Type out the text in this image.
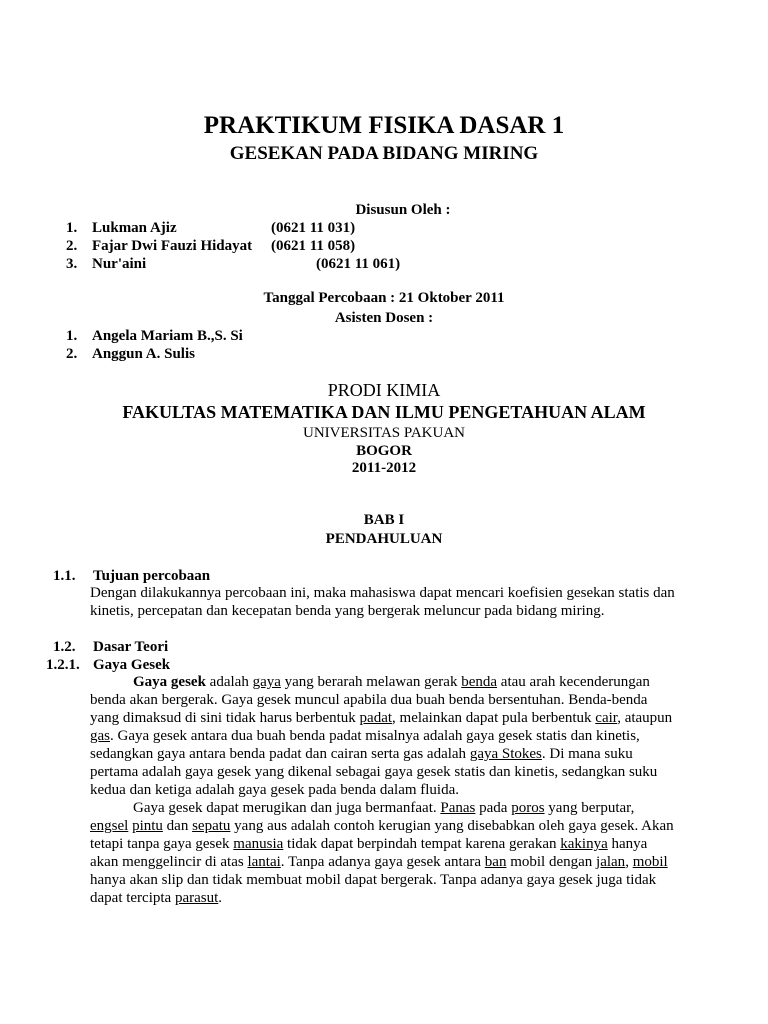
PRAKTIKUM FISIKA DASAR 1
GESEKAN PADA BIDANG MIRING
Disusun Oleh :
1. Lukman Ajiz	(0621 11 031)
2. Fajar Dwi Fauzi Hidayat (0621 11 058)
3. Nur'aini	(0621 11 061)
Tanggal Percobaan : 21 Oktober 2011
Asisten Dosen :
1. Angela Mariam B.,S. Si
2. Anggun A. Sulis
PRODI KIMIA
FAKULTAS MATEMATIKA DAN ILMU PENGETAHUAN ALAM
UNIVERSITAS PAKUAN
BOGOR
2011-2012
BAB I
PENDAHULUAN
1.1. Tujuan percobaan
Dengan dilakukannya percobaan ini, maka mahasiswa dapat mencari koefisien gesekan statis dan
kinetis, percepatan dan kecepatan benda yang bergerak meluncur pada bidang miring.
1.2. Dasar Teori
1.2.1. Gaya Gesek
Gaya gesek adalah gaya yang berarah melawan gerak benda atau arah kecenderungan
benda akan bergerak. Gaya gesek muncul apabila dua buah benda bersentuhan. Benda-benda
yang dimaksud di sini tidak harus berbentuk padat, melainkan dapat pula berbentuk cair, ataupun
gas. Gaya gesek antara dua buah benda padat misalnya adalah gaya gesek statis dan kinetis,
sedangkan gaya antara benda padat dan cairan serta gas adalah gaya Stokes. Di mana suku
pertama adalah gaya gesek yang dikenal sebagai gaya gesek statis dan kinetis, sedangkan suku
kedua dan ketiga adalah gaya gesek pada benda dalam fluida.
Gaya gesek dapat merugikan dan juga bermanfaat. Panas pada poros yang berputar,
engsel pintu dan sepatu yang aus adalah contoh kerugian yang disebabkan oleh gaya gesek. Akan
tetapi tanpa gaya gesek manusia tidak dapat berpindah tempat karena gerakan kakinya hanya
akan menggelincir di atas lantai. Tanpa adanya gaya gesek antara ban mobil dengan jalan, mobil
hanya akan slip dan tidak membuat mobil dapat bergerak. Tanpa adanya gaya gesek juga tidak
dapat tercipta parasut.
